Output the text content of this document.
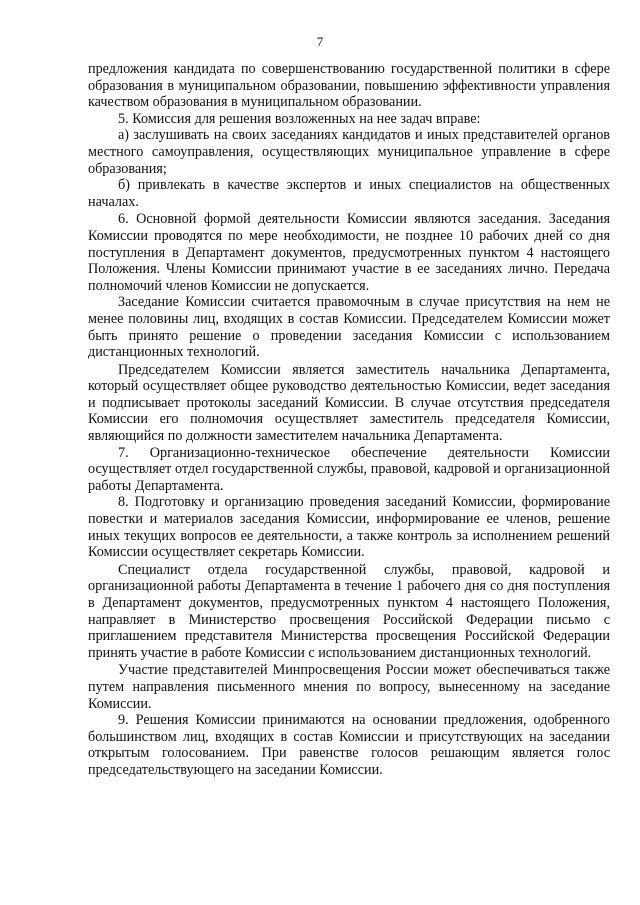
7

предложения кандидата по совершенствованию государственной политики в сфере образования в муниципальном образовании, повышению эффективности управления качеством образования в муниципальном образовании.

5. Комиссия для решения возложенных на нее задач вправе:

а) заслушивать на своих заседаниях кандидатов и иных представителей органов местного самоуправления, осуществляющих муниципальное управление в сфере образования;

б) привлекать в качестве экспертов и иных специалистов на общественных началах.

6. Основной формой деятельности Комиссии являются заседания. Заседания Комиссии проводятся по мере необходимости, не позднее 10 рабочих дней со дня поступления в Департамент документов, предусмотренных пунктом 4 настоящего Положения. Члены Комиссии принимают участие в ее заседаниях лично. Передача полномочий членов Комиссии не допускается.

Заседание Комиссии считается правомочным в случае присутствия на нем не менее половины лиц, входящих в состав Комиссии. Председателем Комиссии может быть принято решение о проведении заседания Комиссии с использованием дистанционных технологий.

Председателем Комиссии является заместитель начальника Департамента, который осуществляет общее руководство деятельностью Комиссии, ведет заседания и подписывает протоколы заседаний Комиссии. В случае отсутствия председателя Комиссии его полномочия осуществляет заместитель председателя Комиссии, являющийся по должности заместителем начальника Департамента.

7. Организационно-техническое обеспечение деятельности Комиссии осуществляет отдел государственной службы, правовой, кадровой и организационной работы Департамента.

8. Подготовку и организацию проведения заседаний Комиссии, формирование повестки и материалов заседания Комиссии, информирование ее членов, решение иных текущих вопросов ее деятельности, а также контроль за исполнением решений Комиссии осуществляет секретарь Комиссии.

Специалист отдела государственной службы, правовой, кадровой и организационной работы Департамента в течение 1 рабочего дня со дня поступления в Департамент документов, предусмотренных пунктом 4 настоящего Положения, направляет в Министерство просвещения Российской Федерации письмо с приглашением представителя Министерства просвещения Российской Федерации принять участие в работе Комиссии с использованием дистанционных технологий.

Участие представителей Минпросвещения России может обеспечиваться также путем направления письменного мнения по вопросу, вынесенному на заседание Комиссии.

9. Решения Комиссии принимаются на основании предложения, одобренного большинством лиц, входящих в состав Комиссии и присутствующих на заседании открытым голосованием. При равенстве голосов решающим является голос председательствующего на заседании Комиссии.
